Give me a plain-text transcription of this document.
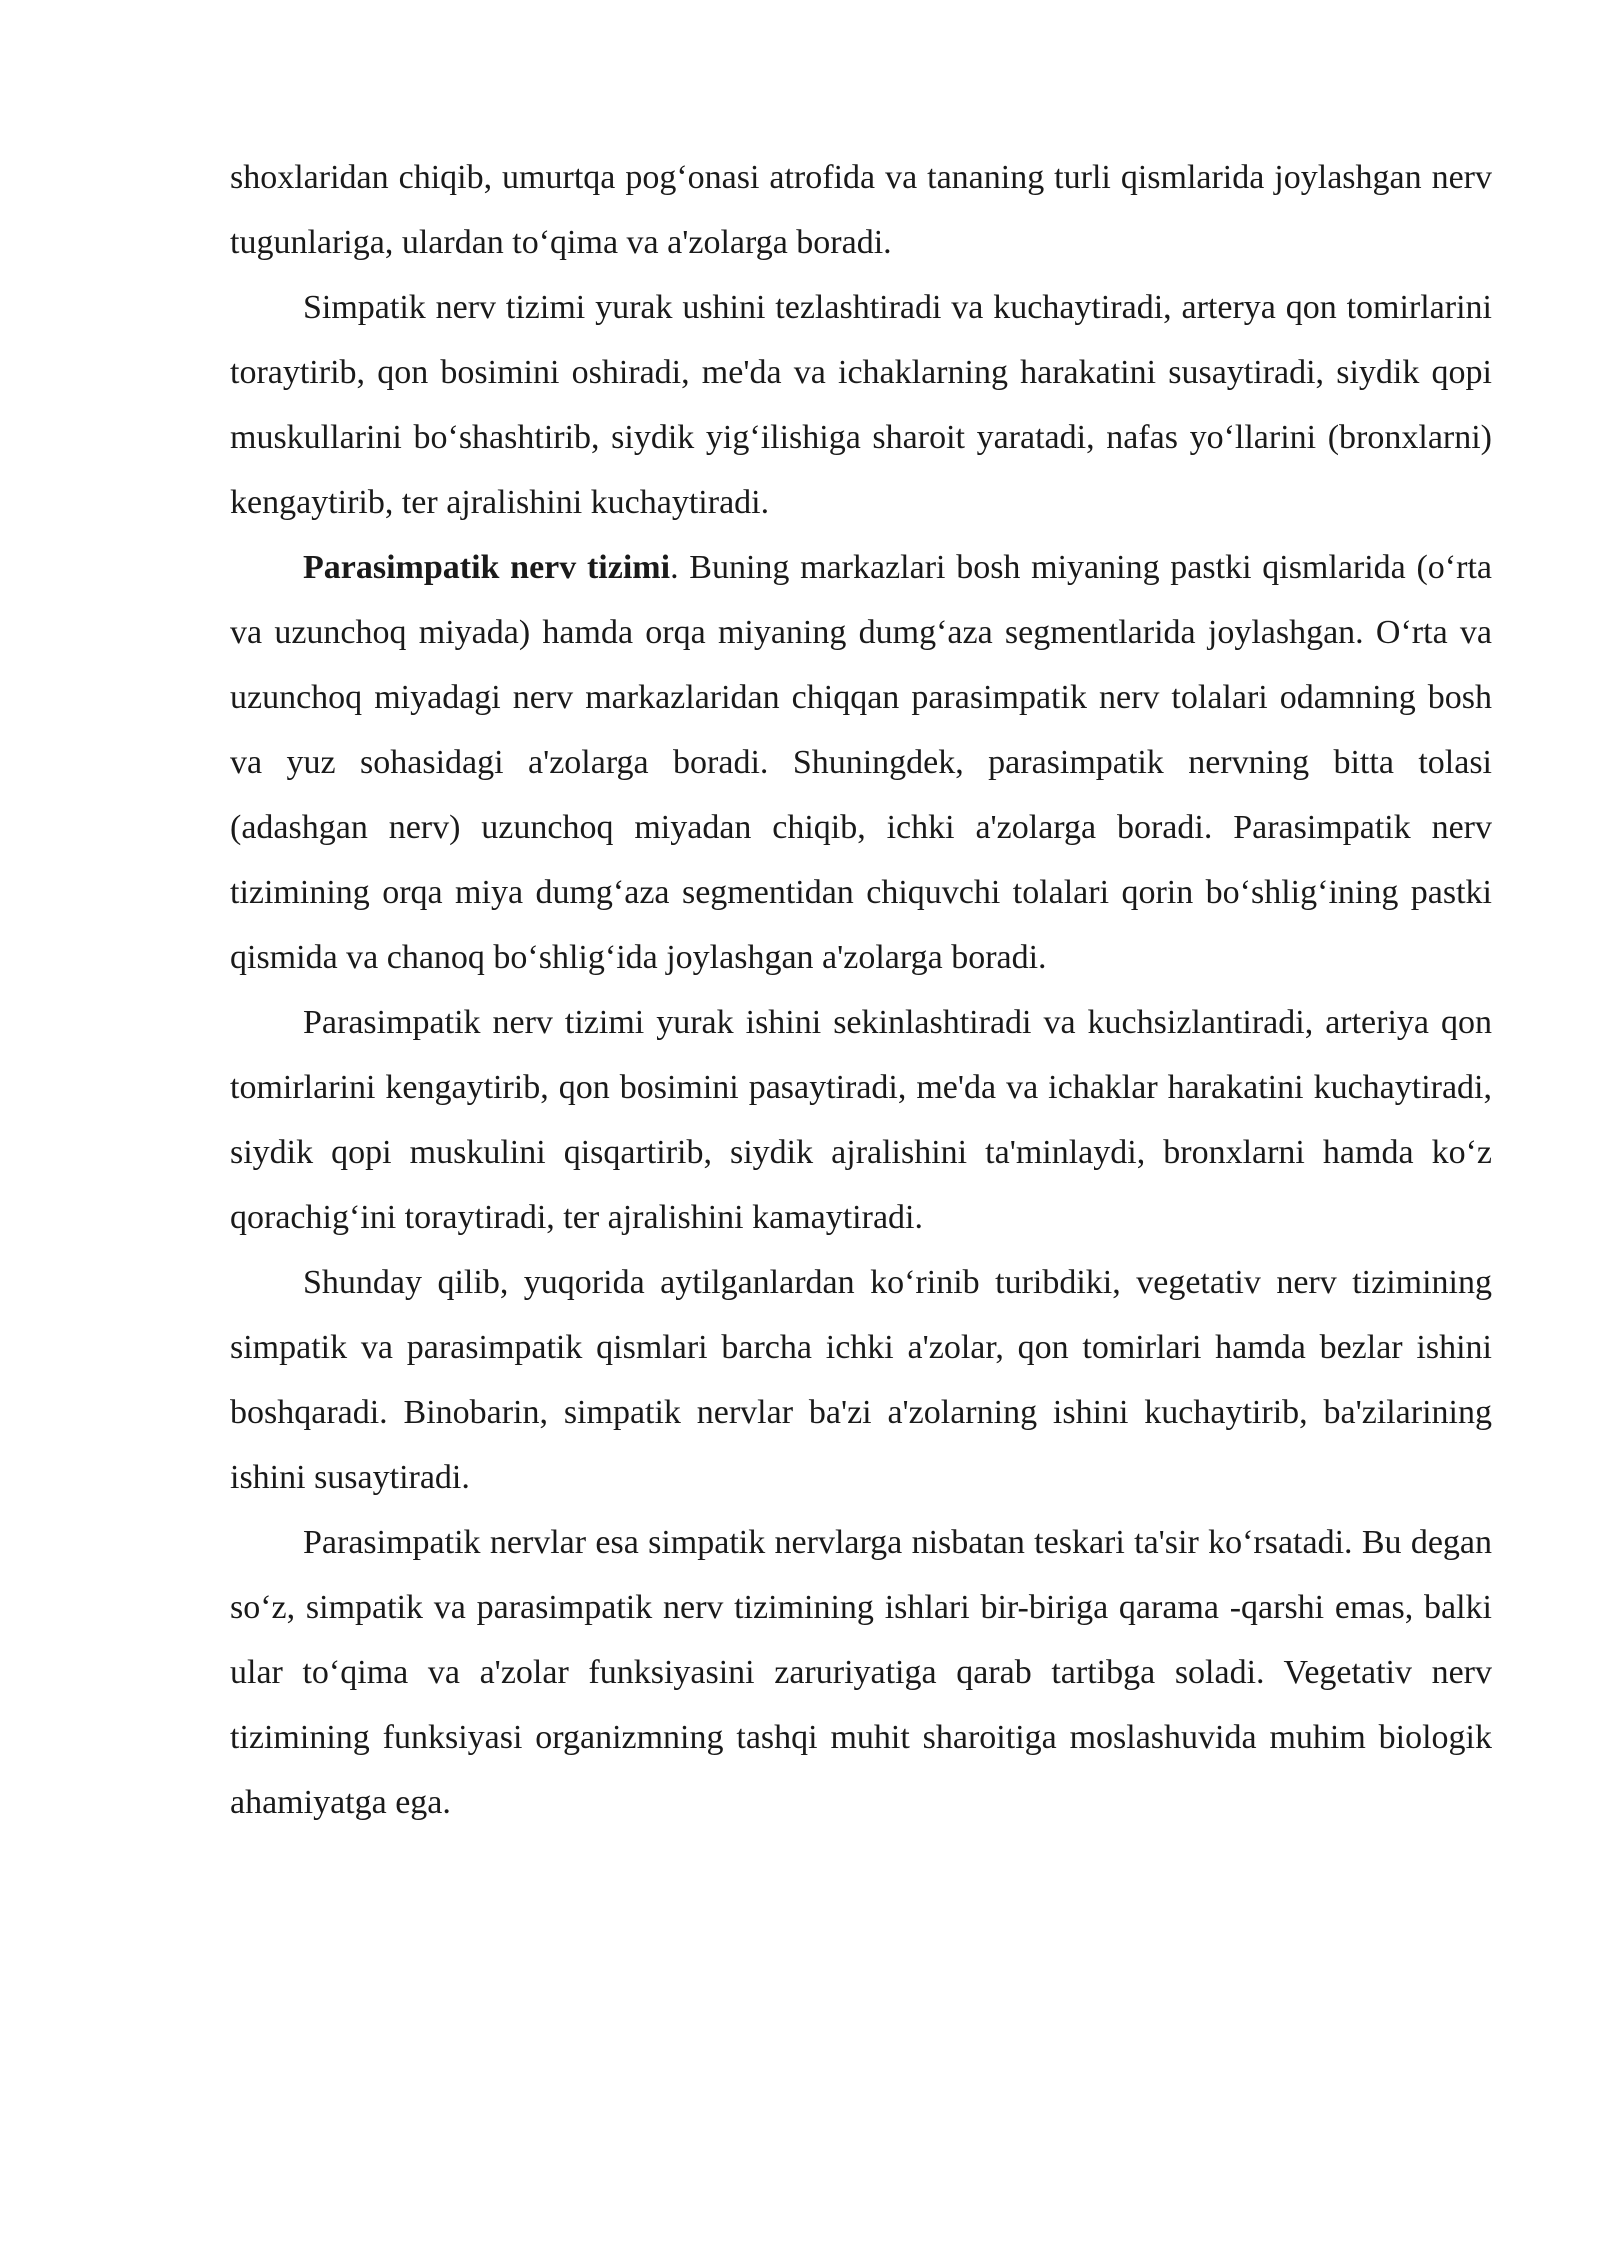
shoxlaridan chiqib, umurtqa pog‘onasi atrofida va tananing turli qismlarida joylashgan nerv tugunlariga, ulardan to‘qima va a'zolarga boradi.

Simpatik nerv tizimi yurak ushini tezlashtiradi va kuchaytiradi, arterya qon tomirlarini toraytirib, qon bosimini oshiradi, me'da va ichaklarning harakatini susaytiradi, siydik qopi muskullarini bo‘shashtirib, siydik yig‘ilishiga sharoit yaratadi, nafas yo‘llarini (bronxlarni) kengaytirib, ter ajralishini kuchaytiradi.

Parasimpatik nerv tizimi. Buning markazlari bosh miyaning pastki qismlarida (o‘rta va uzunchoq miyada) hamda orqa miyaning dumg‘aza segmentlarida joylashgan. O‘rta va uzunchoq miyadagi nerv markazlaridan chiqqan parasimpatik nerv tolalari odamning bosh va yuz sohasidagi a'zolarga boradi. Shuningdek, parasimpatik nervning bitta tolasi (adashgan nerv) uzunchoq miyadan chiqib, ichki a'zolarga boradi. Parasimpatik nerv tizimining orqa miya dumg‘aza segmentidan chiquvchi tolalari qorin bo‘shlig‘ining pastki qismida va chanoq bo‘shlig‘ida joylashgan a'zolarga boradi.

Parasimpatik nerv tizimi yurak ishini sekinlashtiradi va kuchsizlantiradi, arteriya qon tomirlarini kengaytirib, qon bosimini pasaytiradi, me'da va ichaklar harakatini kuchaytiradi, siydik qopi muskulini qisqartirib, siydik ajralishini ta'minlaydi, bronxlarni hamda ko‘z qorachig‘ini toraytiradi, ter ajralishini kamaytiradi.

Shunday qilib, yuqorida aytilganlardan ko‘rinib turibdiki, vegetativ nerv tizimining simpatik va parasimpatik qismlari barcha ichki a'zolar, qon tomirlari hamda bezlar ishini boshqaradi. Binobarin, simpatik nervlar ba'zi a'zolarning ishini kuchaytirib, ba'zilarining ishini susaytiradi.

Parasimpatik nervlar esa simpatik nervlarga nisbatan teskari ta'sir ko‘rsatadi. Bu degan so‘z, simpatik va parasimpatik nerv tizimining ishlari bir-biriga qarama -qarshi emas, balki ular to‘qima va a'zolar funksiyasini zaruriyatiga qarab tartibga soladi. Vegetativ nerv tizimining funksiyasi organizmning tashqi muhit sharoitiga moslashuvida muhim biologik ahamiyatga ega.
